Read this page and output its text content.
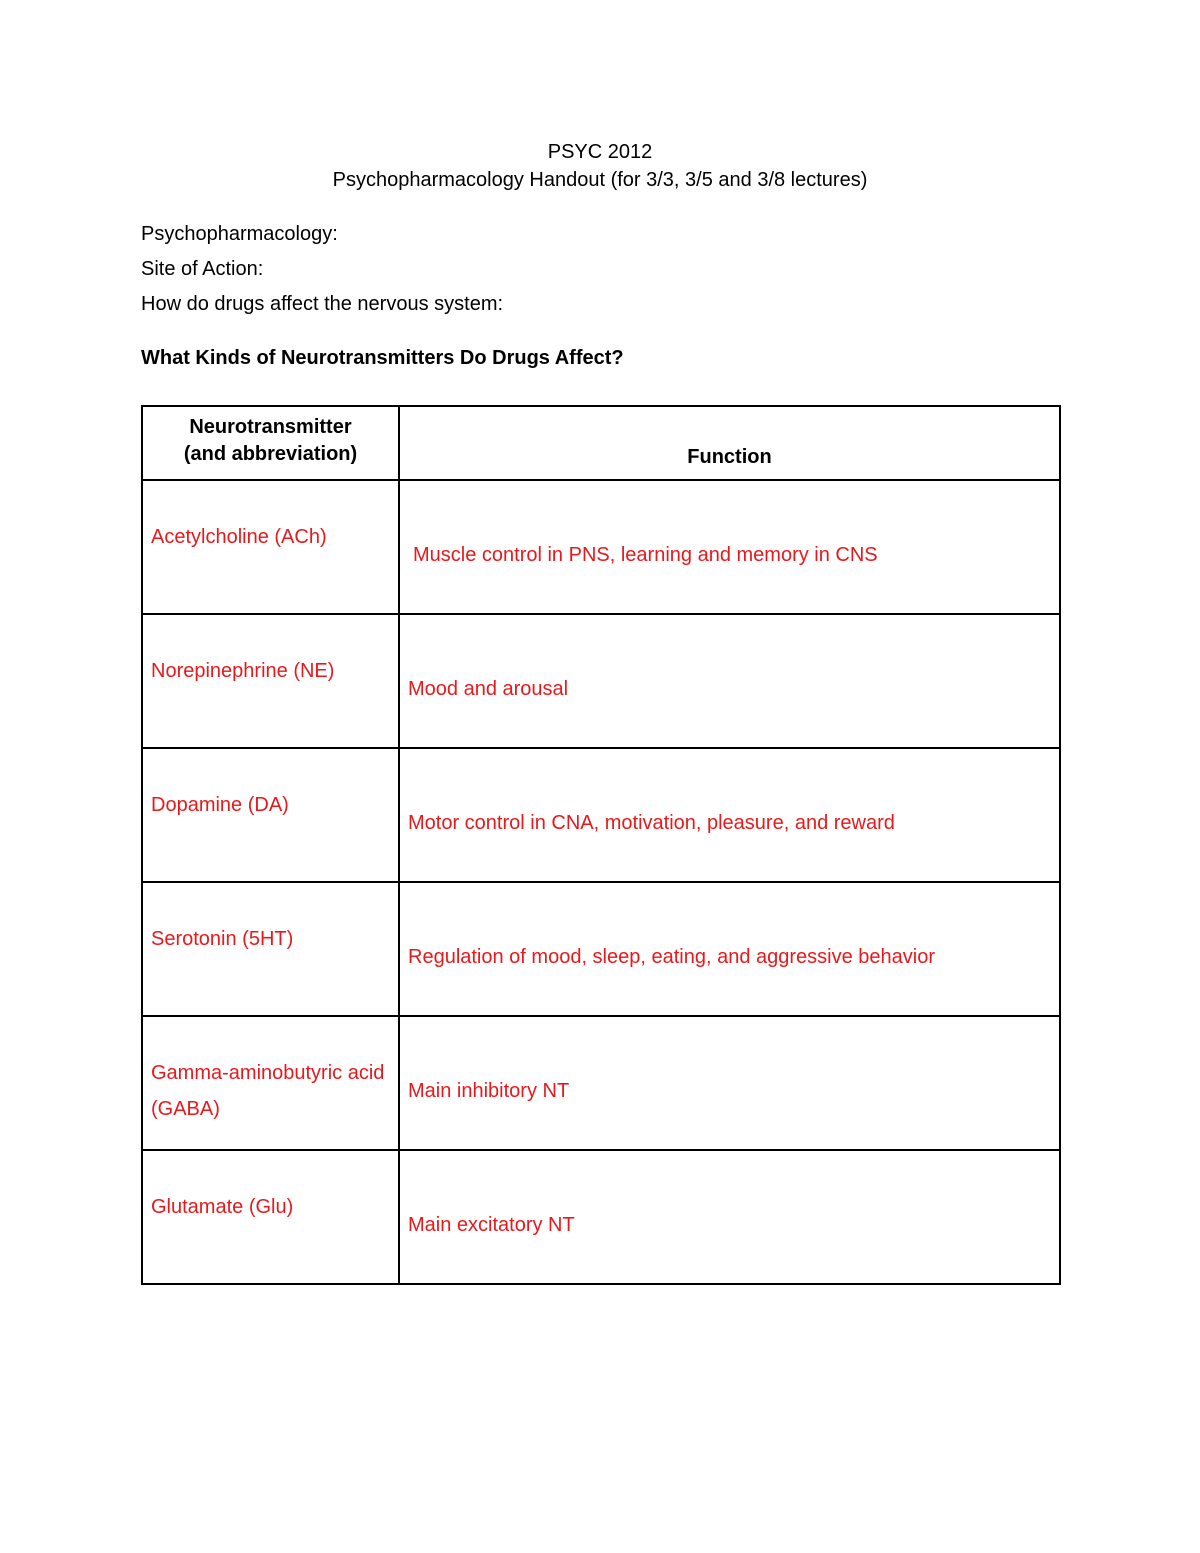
PSYC 2012
Psychopharmacology Handout (for 3/3, 3/5 and 3/8 lectures)
Psychopharmacology:
Site of Action:
How do drugs affect the nervous system:
What Kinds of Neurotransmitters Do Drugs Affect?
Neurotransmitter
(and abbreviation)	Function
Acetylcholine (ACh)	Muscle control in PNS, learning and memory in CNS

Norepinephrine (NE)	Mood and arousal

Dopamine (DA)	Motor control in CNA, motivation, pleasure, and reward

Serotonin (5HT)	Regulation of mood, sleep, eating, and aggressive behavior

Gamma-aminobutyric acid (GABA)	Main inhibitory NT

Glutamate (Glu)	Main excitatory NT
